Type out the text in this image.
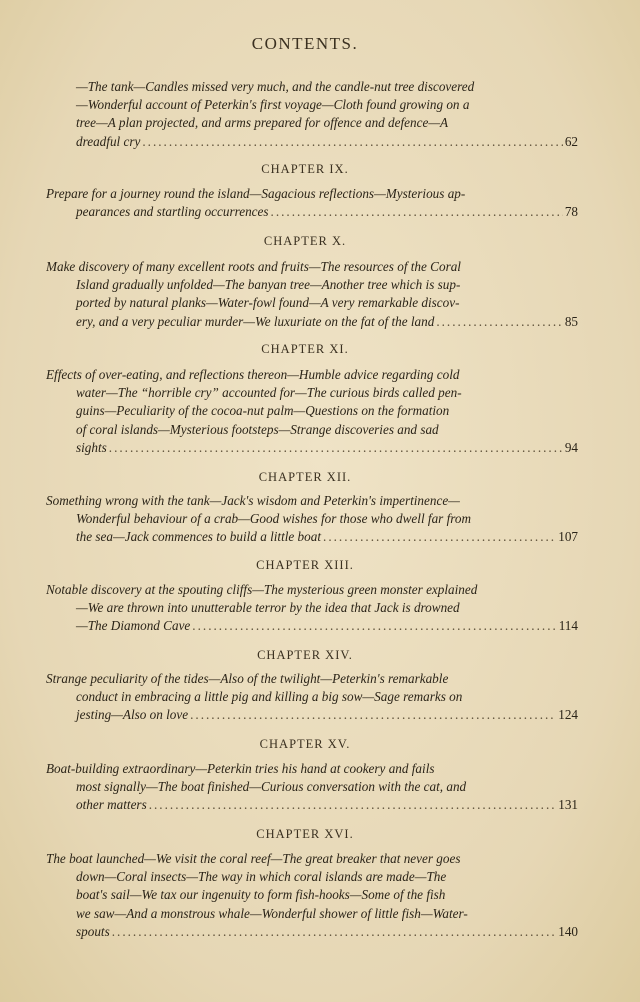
CONTENTS.
—The tank—Candles missed very much, and the candle-nut tree discovered
—Wonderful account of Peterkin's first voyage—Cloth found growing on a
tree—A plan projected, and arms prepared for offence and defence—A
dreadful cry .....	62
CHAPTER IX.
Prepare for a journey round the island—Sagacious reflections—Mysterious ap-
pearances and startling occurrences .....	78
CHAPTER X.
Make discovery of many excellent roots and fruits—The resources of the Coral
Island gradually unfolded—The banyan tree—Another tree which is sup-
ported by natural planks—Water-fowl found—A very remarkable discov-
ery, and a very peculiar murder—We luxuriate on the fat of the land .....	85
CHAPTER XI.
Effects of over-eating, and reflections thereon—Humble advice regarding cold
water—The “horrible cry” accounted for—The curious birds called pen-
guins—Peculiarity of the cocoa-nut palm—Questions on the formation
of coral islands—Mysterious footsteps—Strange discoveries and sad
sights .....	94
CHAPTER XII.
Something wrong with the tank—Jack's wisdom and Peterkin's impertinence—
Wonderful behaviour of a crab—Good wishes for those who dwell far from
the sea—Jack commences to build a little boat .....	107
CHAPTER XIII.
Notable discovery at the spouting cliffs—The mysterious green monster explained
—We are thrown into unutterable terror by the idea that Jack is drowned
—The Diamond Cave .....	114
CHAPTER XIV.
Strange peculiarity of the tides—Also of the twilight—Peterkin's remarkable
conduct in embracing a little pig and killing a big sow—Sage remarks on
jesting—Also on love .....	124
CHAPTER XV.
Boat-building extraordinary—Peterkin tries his hand at cookery and fails
most signally—The boat finished—Curious conversation with the cat, and
other matters .....	131
CHAPTER XVI.
The boat launched—We visit the coral reef—The great breaker that never goes
down—Coral insects—The way in which coral islands are made—The
boat's sail—We tax our ingenuity to form fish-hooks—Some of the fish
we saw—And a monstrous whale—Wonderful shower of little fish—Water-
spouts .....	140
